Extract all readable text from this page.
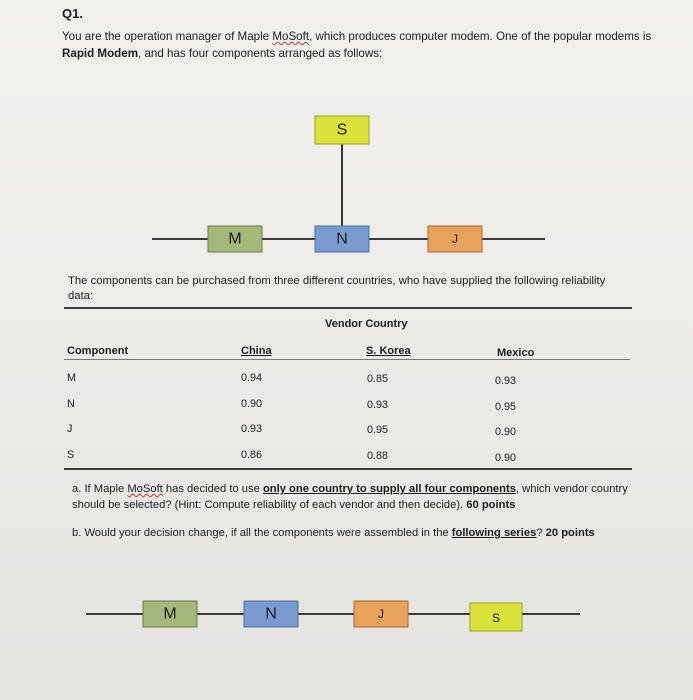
Q1.
You are the operation manager of Maple MoSoft, which produces computer modem. One of the popular modems is Rapid Modem, and has four components arranged as follows:
S
M	N	J
The components can be purchased from three different countries, who have supplied the following reliability data:
Vendor Country
Component	China	S. Korea	Mexico
M	0.94	0.85	0.93
N	0.90	0.93	0.95
J	0.93	0.95	0.90
S	0.86	0.88	0.90
a. If Maple MoSoft has decided to use only one country to supply all four components, which vendor country should be selected? (Hint: Compute reliability of each vendor and then decide). 60 points
b. Would your decision change, if all the components were assembled in the following series? 20 points
M	N	J	S
